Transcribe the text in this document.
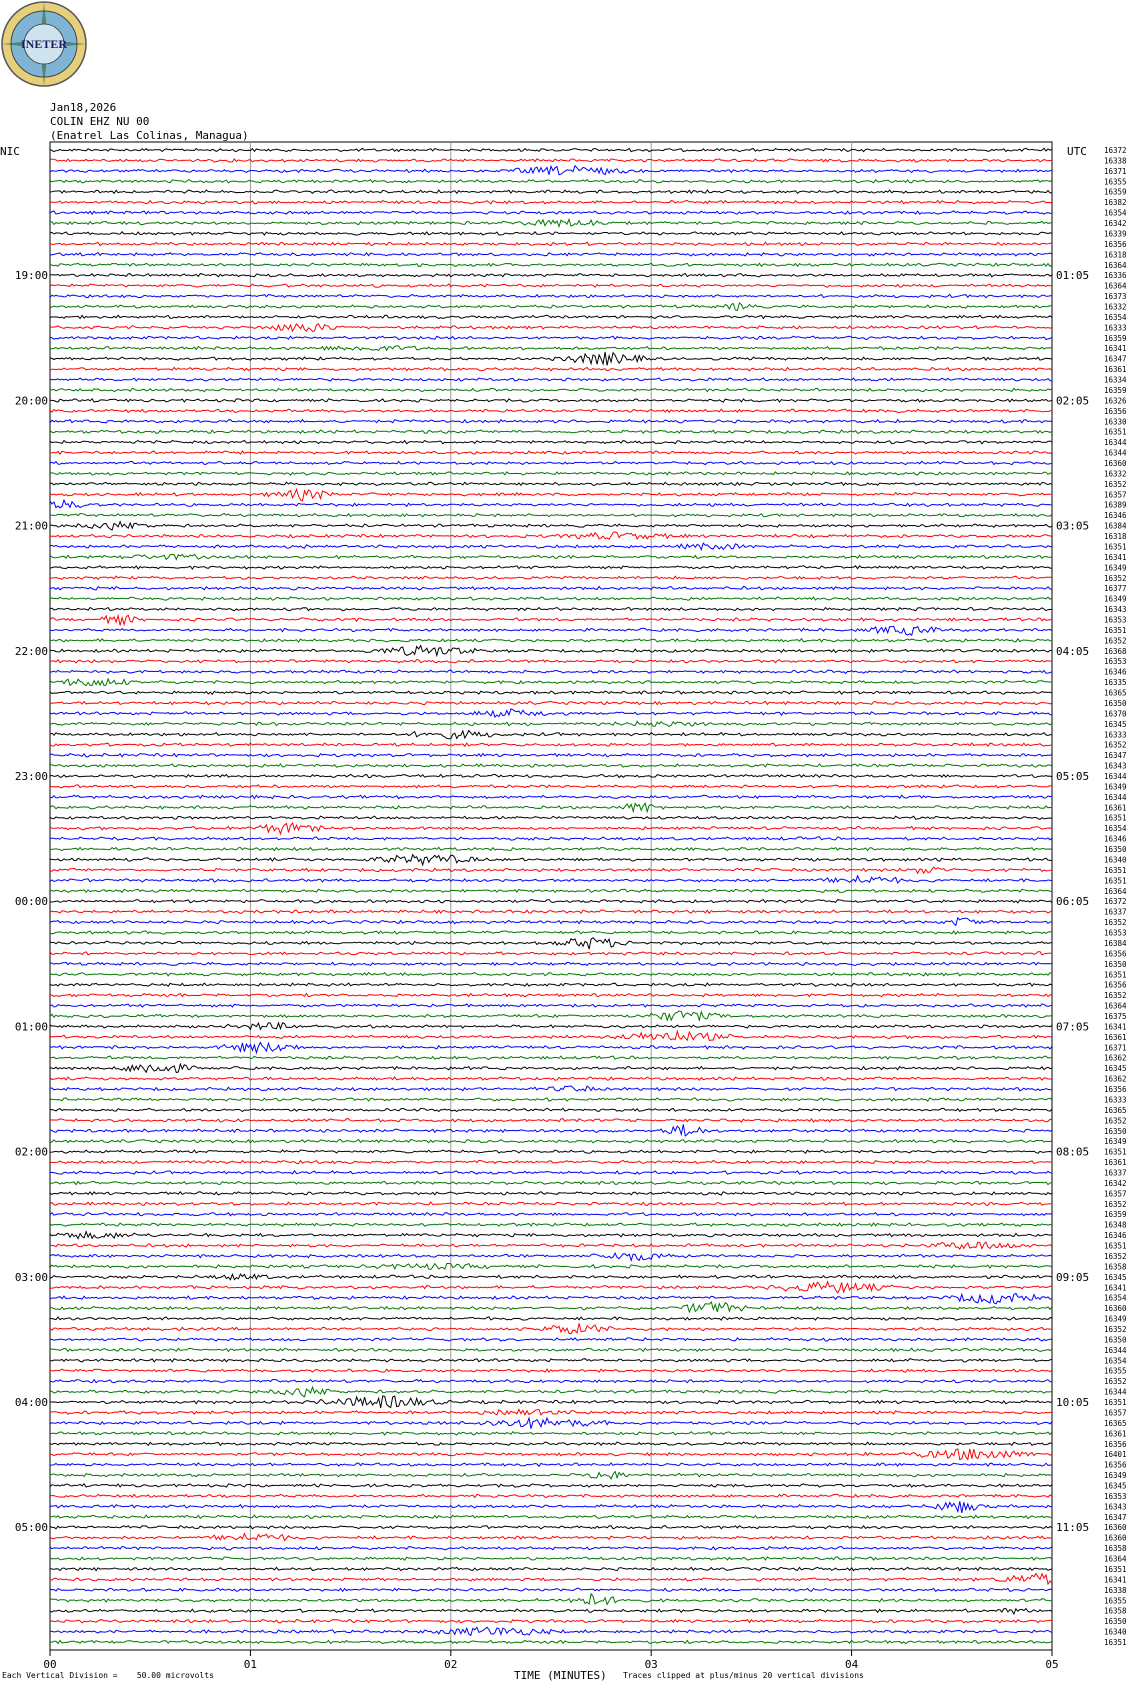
INETER
Jan18,2026
COLIN EHZ NU 00
(Enatrel Las Colinas, Managua)
NIC	UTC
19:00
20:00
21:00
22:00
23:00
00:00
01:00
02:00
03:00
04:00
05:00
01:05
02:05
03:05
04:05
05:05
06:05
07:05
08:05
09:05
10:05
11:05
16372
16338
16371
16355
16359
16382
16354
16342
16339
16356
16318
16364
16336
16364
16373
16332
16354
16333
16359
16341
16347
16361
16334
16359
16326
16356
16330
16351
16344
16344
16360
16332
16352
16357
16389
16346
16384
16318
16351
16341
16349
16352
16377
16349
16343
16353
16351
16352
16368
16353
16346
16335
16365
16350
16370
16345
16333
16352
16347
16343
16344
16349
16344
16361
16351
16354
16346
16350
16340
16351
16351
16364
16372
16337
16352
16353
16384
16356
16350
16351
16356
16352
16364
16375
16341
16361
16371
16362
16345
16362
16356
16333
16365
16352
16350
16349
16351
16361
16337
16342
16357
16352
16359
16348
16346
16351
16352
16358
16345
16341
16354
16360
16349
16352
16350
16344
16354
16355
16352
16344
16351
16357
16365
16361
16356
16401
16356
16349
16345
16353
16343
16347
16360
16360
16358
16364
16351
16341
16338
16355
16358
16350
16340
16351
00	01	02	03	04	05
Each Vertical Division =    50.00 microvolts	TIME (MINUTES) Traces clipped at plus/minus 20 vertical divisions
